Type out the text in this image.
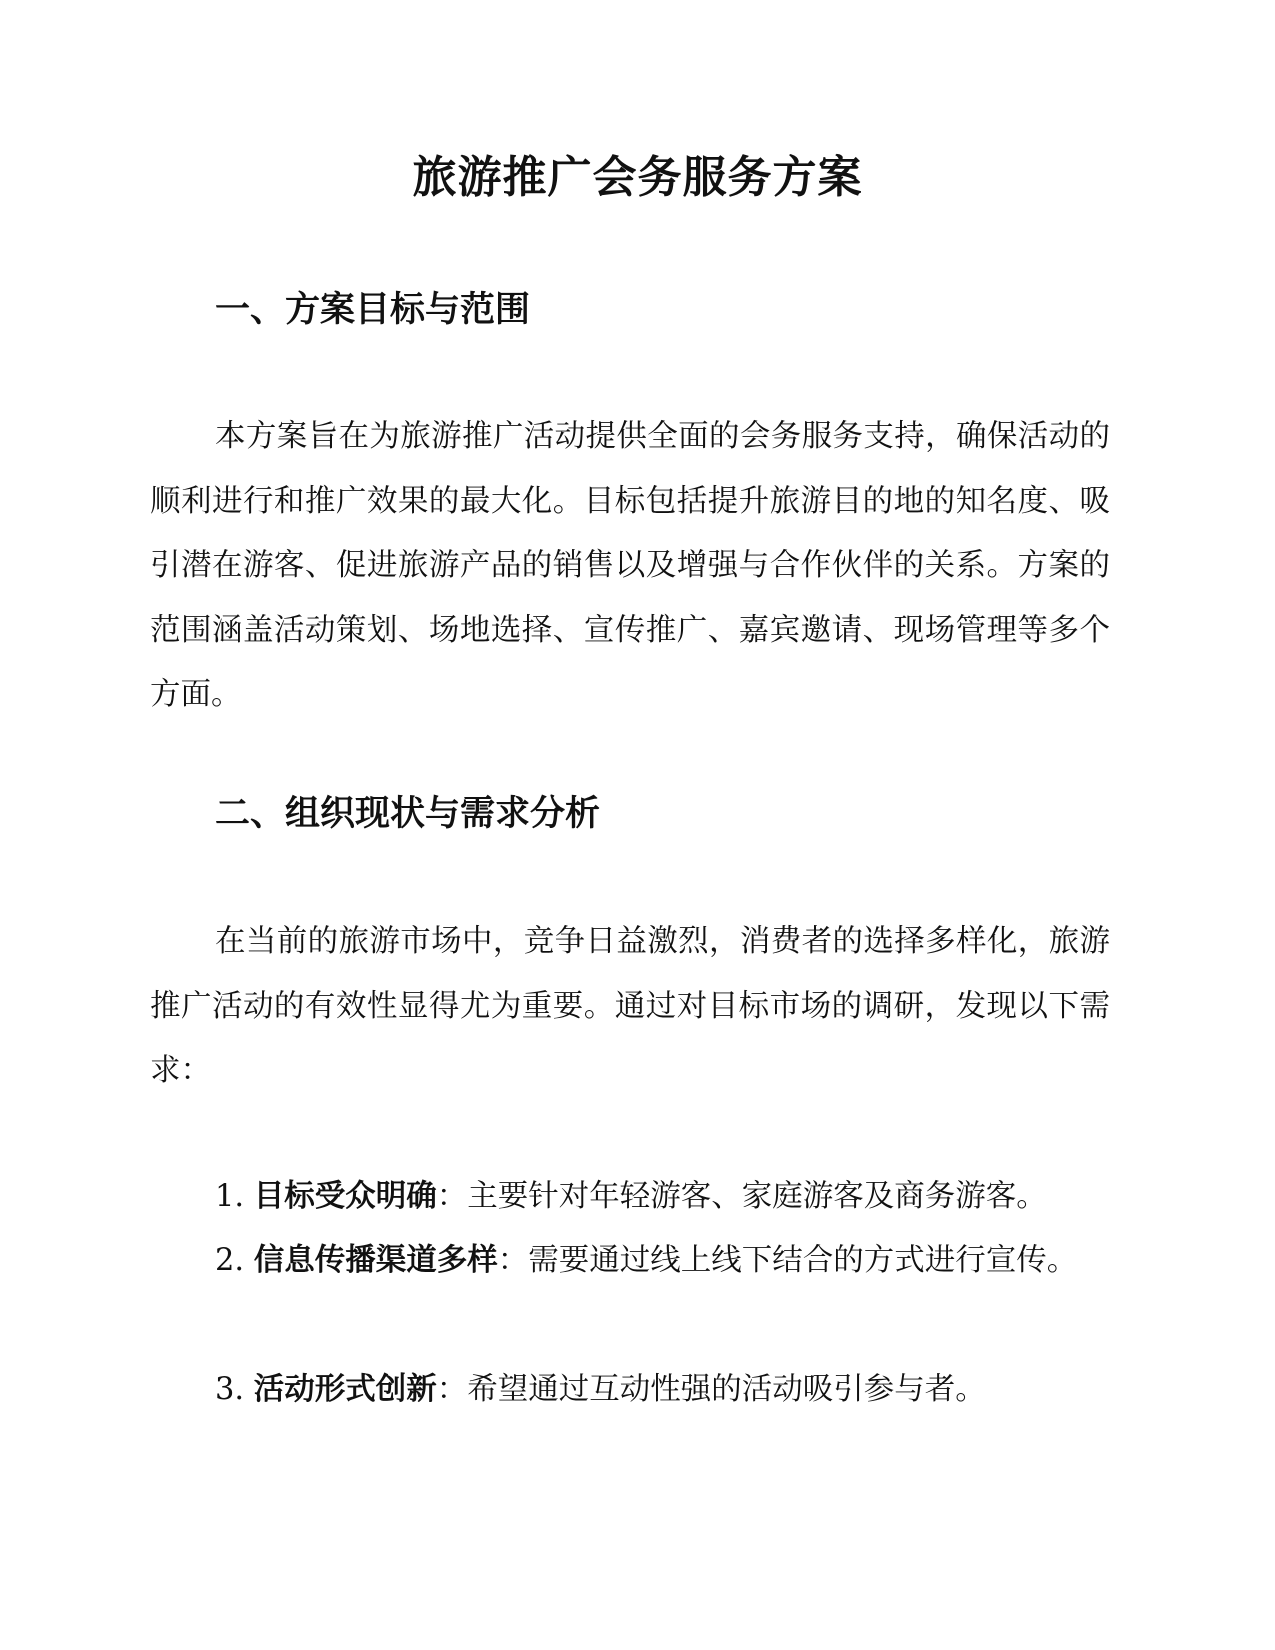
旅游推广会务服务方案
一、方案目标与范围

本方案旨在为旅游推广活动提供全面的会务服务支持，确保活动的顺利进行和推广效果的最大化。目标包括提升旅游目的地的知名度、吸引潜在游客、促进旅游产品的销售以及增强与合作伙伴的关系。方案的范围涵盖活动策划、场地选择、宣传推广、嘉宾邀请、现场管理等多个方面。

二、组织现状与需求分析

在当前的旅游市场中，竞争日益激烈，消费者的选择多样化，旅游推广活动的有效性显得尤为重要。通过对目标市场的调研，发现以下需求：

1. 目标受众明确：主要针对年轻游客、家庭游客及商务游客。

2. 信息传播渠道多样：需要通过线上线下结合的方式进行宣传。

3. 活动形式创新：希望通过互动性强的活动吸引参与者。
